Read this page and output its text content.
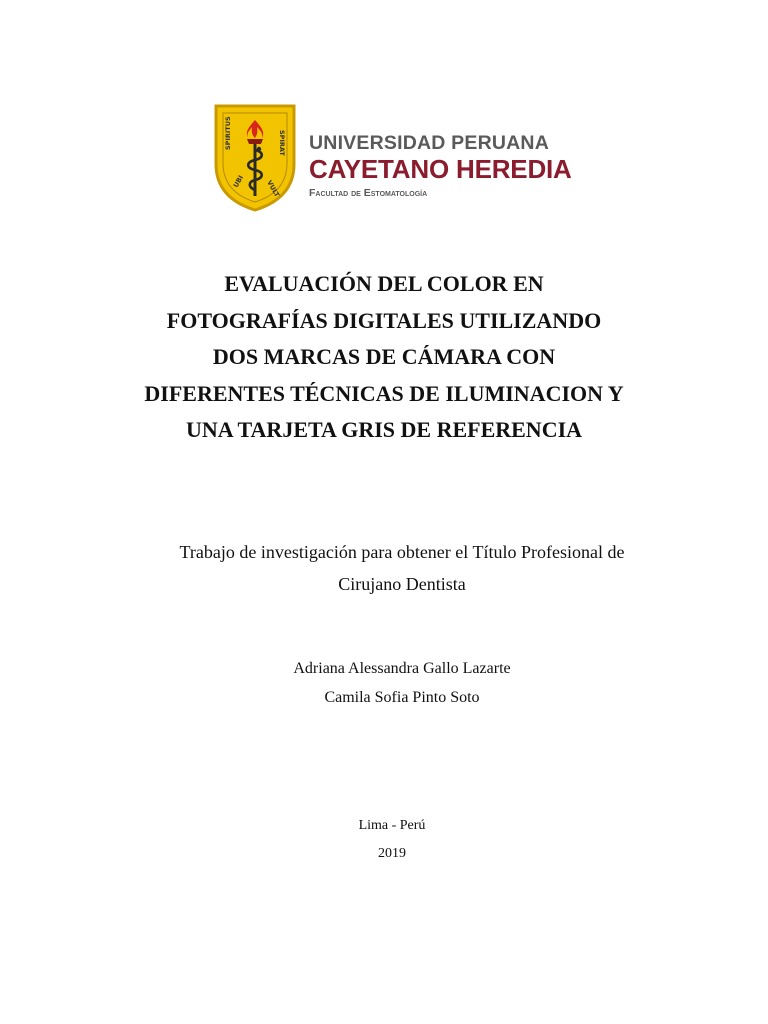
SPIRITUS	SPIRAT
UBI	VULT
UNIVERSIDAD PERUANA
CAYETANO HEREDIA
Facultad de Estomatología
EVALUACIÓN DEL COLOR EN
FOTOGRAFÍAS DIGITALES UTILIZANDO
DOS MARCAS DE CÁMARA CON
DIFERENTES TÉCNICAS DE ILUMINACION Y
UNA TARJETA GRIS DE REFERENCIA
Trabajo de investigación para obtener el Título Profesional de
Cirujano Dentista
Adriana Alessandra Gallo Lazarte
Camila Sofia Pinto Soto
Lima - Perú
2019
